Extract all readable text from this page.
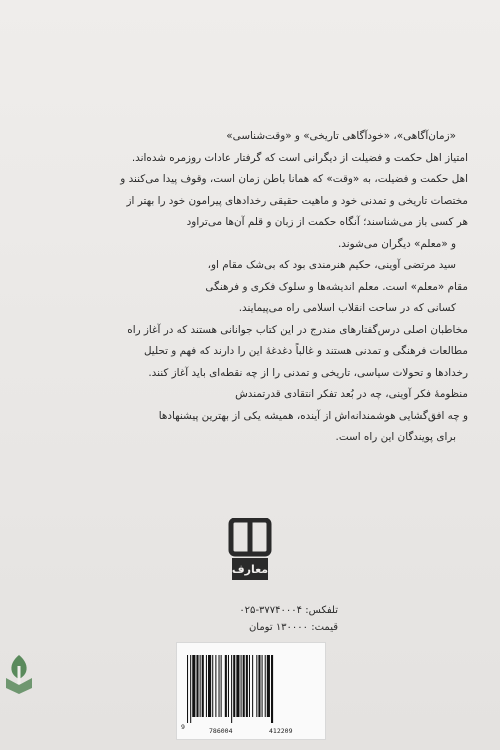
«زمان‌آگاهی»، «خودآگاهی تاریخی» و «وقت‌شناسی»
امتیاز اهل حکمت و فضیلت از دیگرانی است که گرفتار عادات روزمره شده‌اند.
اهل حکمت و فضیلت، به «وقت» که همانا باطن زمان است، وقوف پیدا می‌کنند و
مختصات تاریخی و تمدنی خود و ماهیت حقیقی رخدادهای پیرامون خود را بهتر از
هر کسی باز می‌شناسند؛ آنگاه حکمت از زبان و قلم آن‌ها می‌تراود
و «معلم» دیگران می‌شوند.
سید مرتضی آوینی، حکیم هنرمندی بود که بی‌شک مقام او،
مقام «معلم» است. معلم اندیشه‌ها و سلوک فکری و فرهنگی
کسانی که در ساحت انقلاب اسلامی راه می‌پیمایند.
مخاطبان اصلی درس‌گفتارهای مندرج در این کتاب جوانانی هستند که در آغاز راه
مطالعات فرهنگی و تمدنی هستند و غالباً دغدغهٔ این را دارند که فهم و تحلیل
رخدادها و تحولات سیاسی، تاریخی و تمدنی را از چه نقطه‌ای باید آغاز کنند.
منظومهٔ فکر آوینی، چه در بُعد تفکر انتقادی قدرتمندش
و چه افق‌گشایی هوشمندانه‌اش از آینده، همیشه یکی از بهترین پیشنهادها
برای پویندگان این راه است.
معارف
تلفکس: ۳۷۷۴۰۰۰۴-۰۲۵
قیمت: ۱۳۰۰۰۰ تومان
9	786004	412209
